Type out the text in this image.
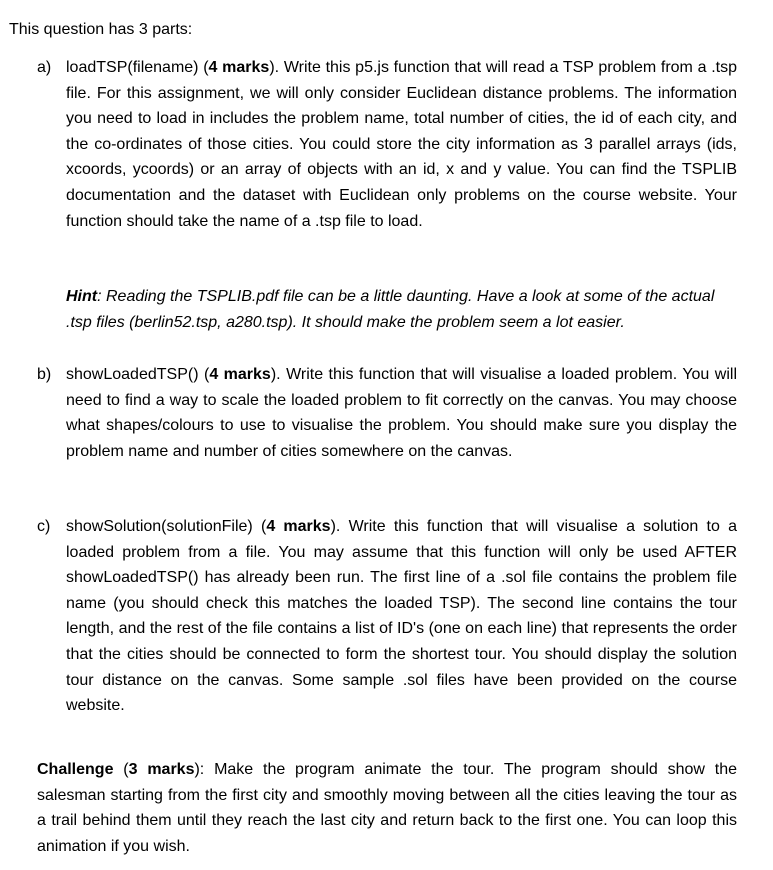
This question has 3 parts:
a) loadTSP(filename) (4 marks). Write this p5.js function that will read a TSP problem from a .tsp file. For this assignment, we will only consider Euclidean distance problems. The information you need to load in includes the problem name, total number of cities, the id of each city, and the co-ordinates of those cities. You could store the city information as 3 parallel arrays (ids, xcoords, ycoords) or an array of objects with an id, x and y value. You can find the TSPLIB documentation and the dataset with Euclidean only problems on the course website. Your function should take the name of a .tsp file to load.
Hint: Reading the TSPLIB.pdf file can be a little daunting. Have a look at some of the actual .tsp files (berlin52.tsp, a280.tsp). It should make the problem seem a lot easier.
b) showLoadedTSP() (4 marks). Write this function that will visualise a loaded problem. You will need to find a way to scale the loaded problem to fit correctly on the canvas. You may choose what shapes/colours to use to visualise the problem. You should make sure you display the problem name and number of cities somewhere on the canvas.
c) showSolution(solutionFile) (4 marks). Write this function that will visualise a solution to a loaded problem from a file. You may assume that this function will only be used AFTER showLoadedTSP() has already been run. The first line of a .sol file contains the problem file name (you should check this matches the loaded TSP). The second line contains the tour length, and the rest of the file contains a list of ID's (one on each line) that represents the order that the cities should be connected to form the shortest tour. You should display the solution tour distance on the canvas. Some sample .sol files have been provided on the course website.
Challenge (3 marks): Make the program animate the tour. The program should show the salesman starting from the first city and smoothly moving between all the cities leaving the tour as a trail behind them until they reach the last city and return back to the first one. You can loop this animation if you wish.
